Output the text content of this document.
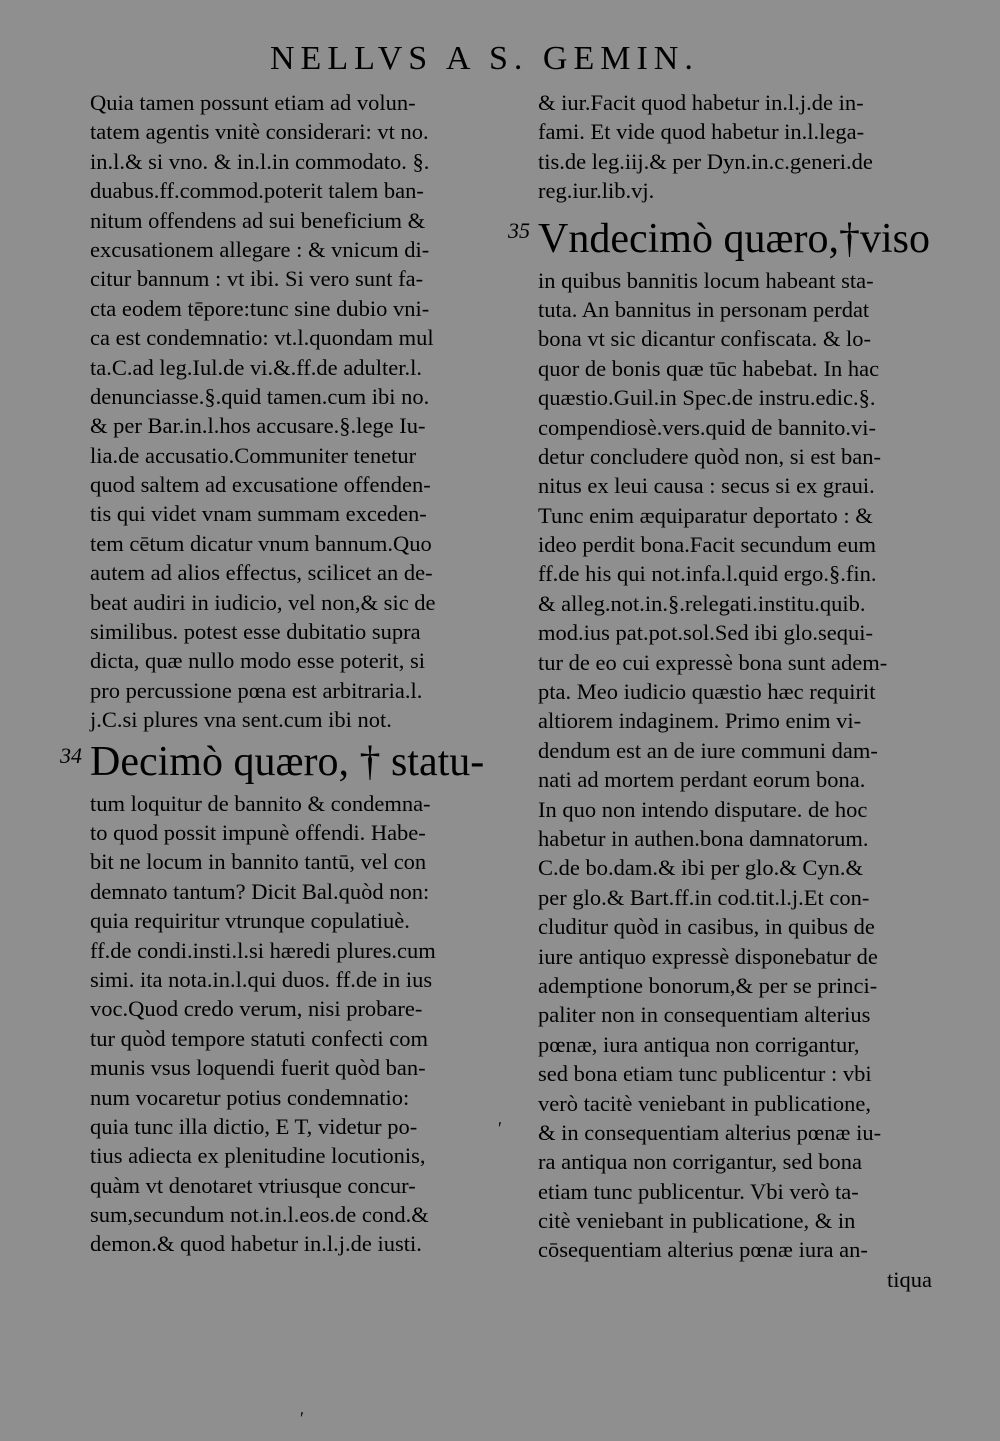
NELLVS A S. GEMIN.
Quia tamen possunt etiam ad volun-
tatem agentis vnitè considerari: vt no.
in.l.& si vno. & in.l.in commodato. §.
duabus.ff.commod.poterit talem ban-
nitum offendens ad sui beneficium &
excusationem allegare : & vnicum di-
citur bannum : vt ibi. Si vero sunt fa-
cta eodem tēpore:tunc sine dubio vni-
ca est condemnatio: vt.l.quondam mul
ta.C.ad leg.Iul.de vi.&.ff.de adulter.l.
denunciasse.§.quid tamen.cum ibi no.
& per Bar.in.l.hos accusare.§.lege Iu-
lia.de accusatio.Communiter tenetur
quod saltem ad excusatione offenden-
tis qui videt vnam summam exceden-
tem cētum dicatur vnum bannum.Quo
autem ad alios effectus, scilicet an de-
beat audiri in iudicio, vel non,& sic de
similibus. potest esse dubitatio supra
dicta, quæ nullo modo esse poterit, si
pro percussione pœna est arbitraria.l.
j.C.si plures vna sent.cum ibi not.
34 Decimò quæro, † statu-
tum loquitur de bannito & condemna-
to quod possit impunè offendi. Habe-
bit ne locum in bannito tantū, vel con
demnato tantum? Dicit Bal.quòd non:
quia requiritur vtrunque copulatiuè.
ff.de condi.insti.l.si hæredi plures.cum
simi. ita nota.in.l.qui duos. ff.de in ius
voc.Quod credo verum, nisi probare-
tur quòd tempore statuti confecti com
munis vsus loquendi fuerit quòd ban-
num vocaretur potius condemnatio:
quia tunc illa dictio, E T, videtur po-
tius adiecta ex plenitudine locutionis,
quàm vt denotaret vtriusque concur-
sum,secundum not.in.l.eos.de cond.&
demon.& quod habetur in.l.j.de iusti.
& iur.Facit quod habetur in.l.j.de in-
fami. Et vide quod habetur in.l.lega-
tis.de leg.iij.& per Dyn.in.c.generi.de
reg.iur.lib.vj.
35 Vndecimò quæro,†viso
in quibus bannitis locum habeant sta-
tuta. An bannitus in personam perdat
bona vt sic dicantur confiscata. & lo-
quor de bonis quæ tūc habebat. In hac
quæstio.Guil.in Spec.de instru.edic.§.
compendiosè.vers.quid de bannito.vi-
detur concludere quòd non, si est ban-
nitus ex leui causa : secus si ex graui.
Tunc enim æquiparatur deportato : &
ideo perdit bona.Facit secundum eum
ff.de his qui not.infa.l.quid ergo.§.fin.
& alleg.not.in.§.relegati.institu.quib.
mod.ius pat.pot.sol.Sed ibi glo.sequi-
tur de eo cui expressè bona sunt adem-
pta. Meo iudicio quæstio hæc requirit
altiorem indaginem. Primo enim vi-
dendum est an de iure communi dam-
nati ad mortem perdant eorum bona.
In quo non intendo disputare. de hoc
habetur in authen.bona damnatorum.
C.de bo.dam.& ibi per glo.& Cyn.&
per glo.& Bart.ff.in cod.tit.l.j.Et con-
cluditur quòd in casibus, in quibus de
iure antiquo expressè disponebatur de
ademptione bonorum,& per se princi-
paliter non in consequentiam alterius
pœnæ, iura antiqua non corrigantur,
sed bona etiam tunc publicentur : vbi
verò tacitè veniebant in publicatione,
& in consequentiam alterius pœnæ iu-
ra antiqua non corrigantur, sed bona
etiam tunc publicentur. Vbi verò ta-
citè veniebant in publicatione, & in
cōsequentiam alterius pœnæ iura an-
tiqua
ʹ
ʹ
